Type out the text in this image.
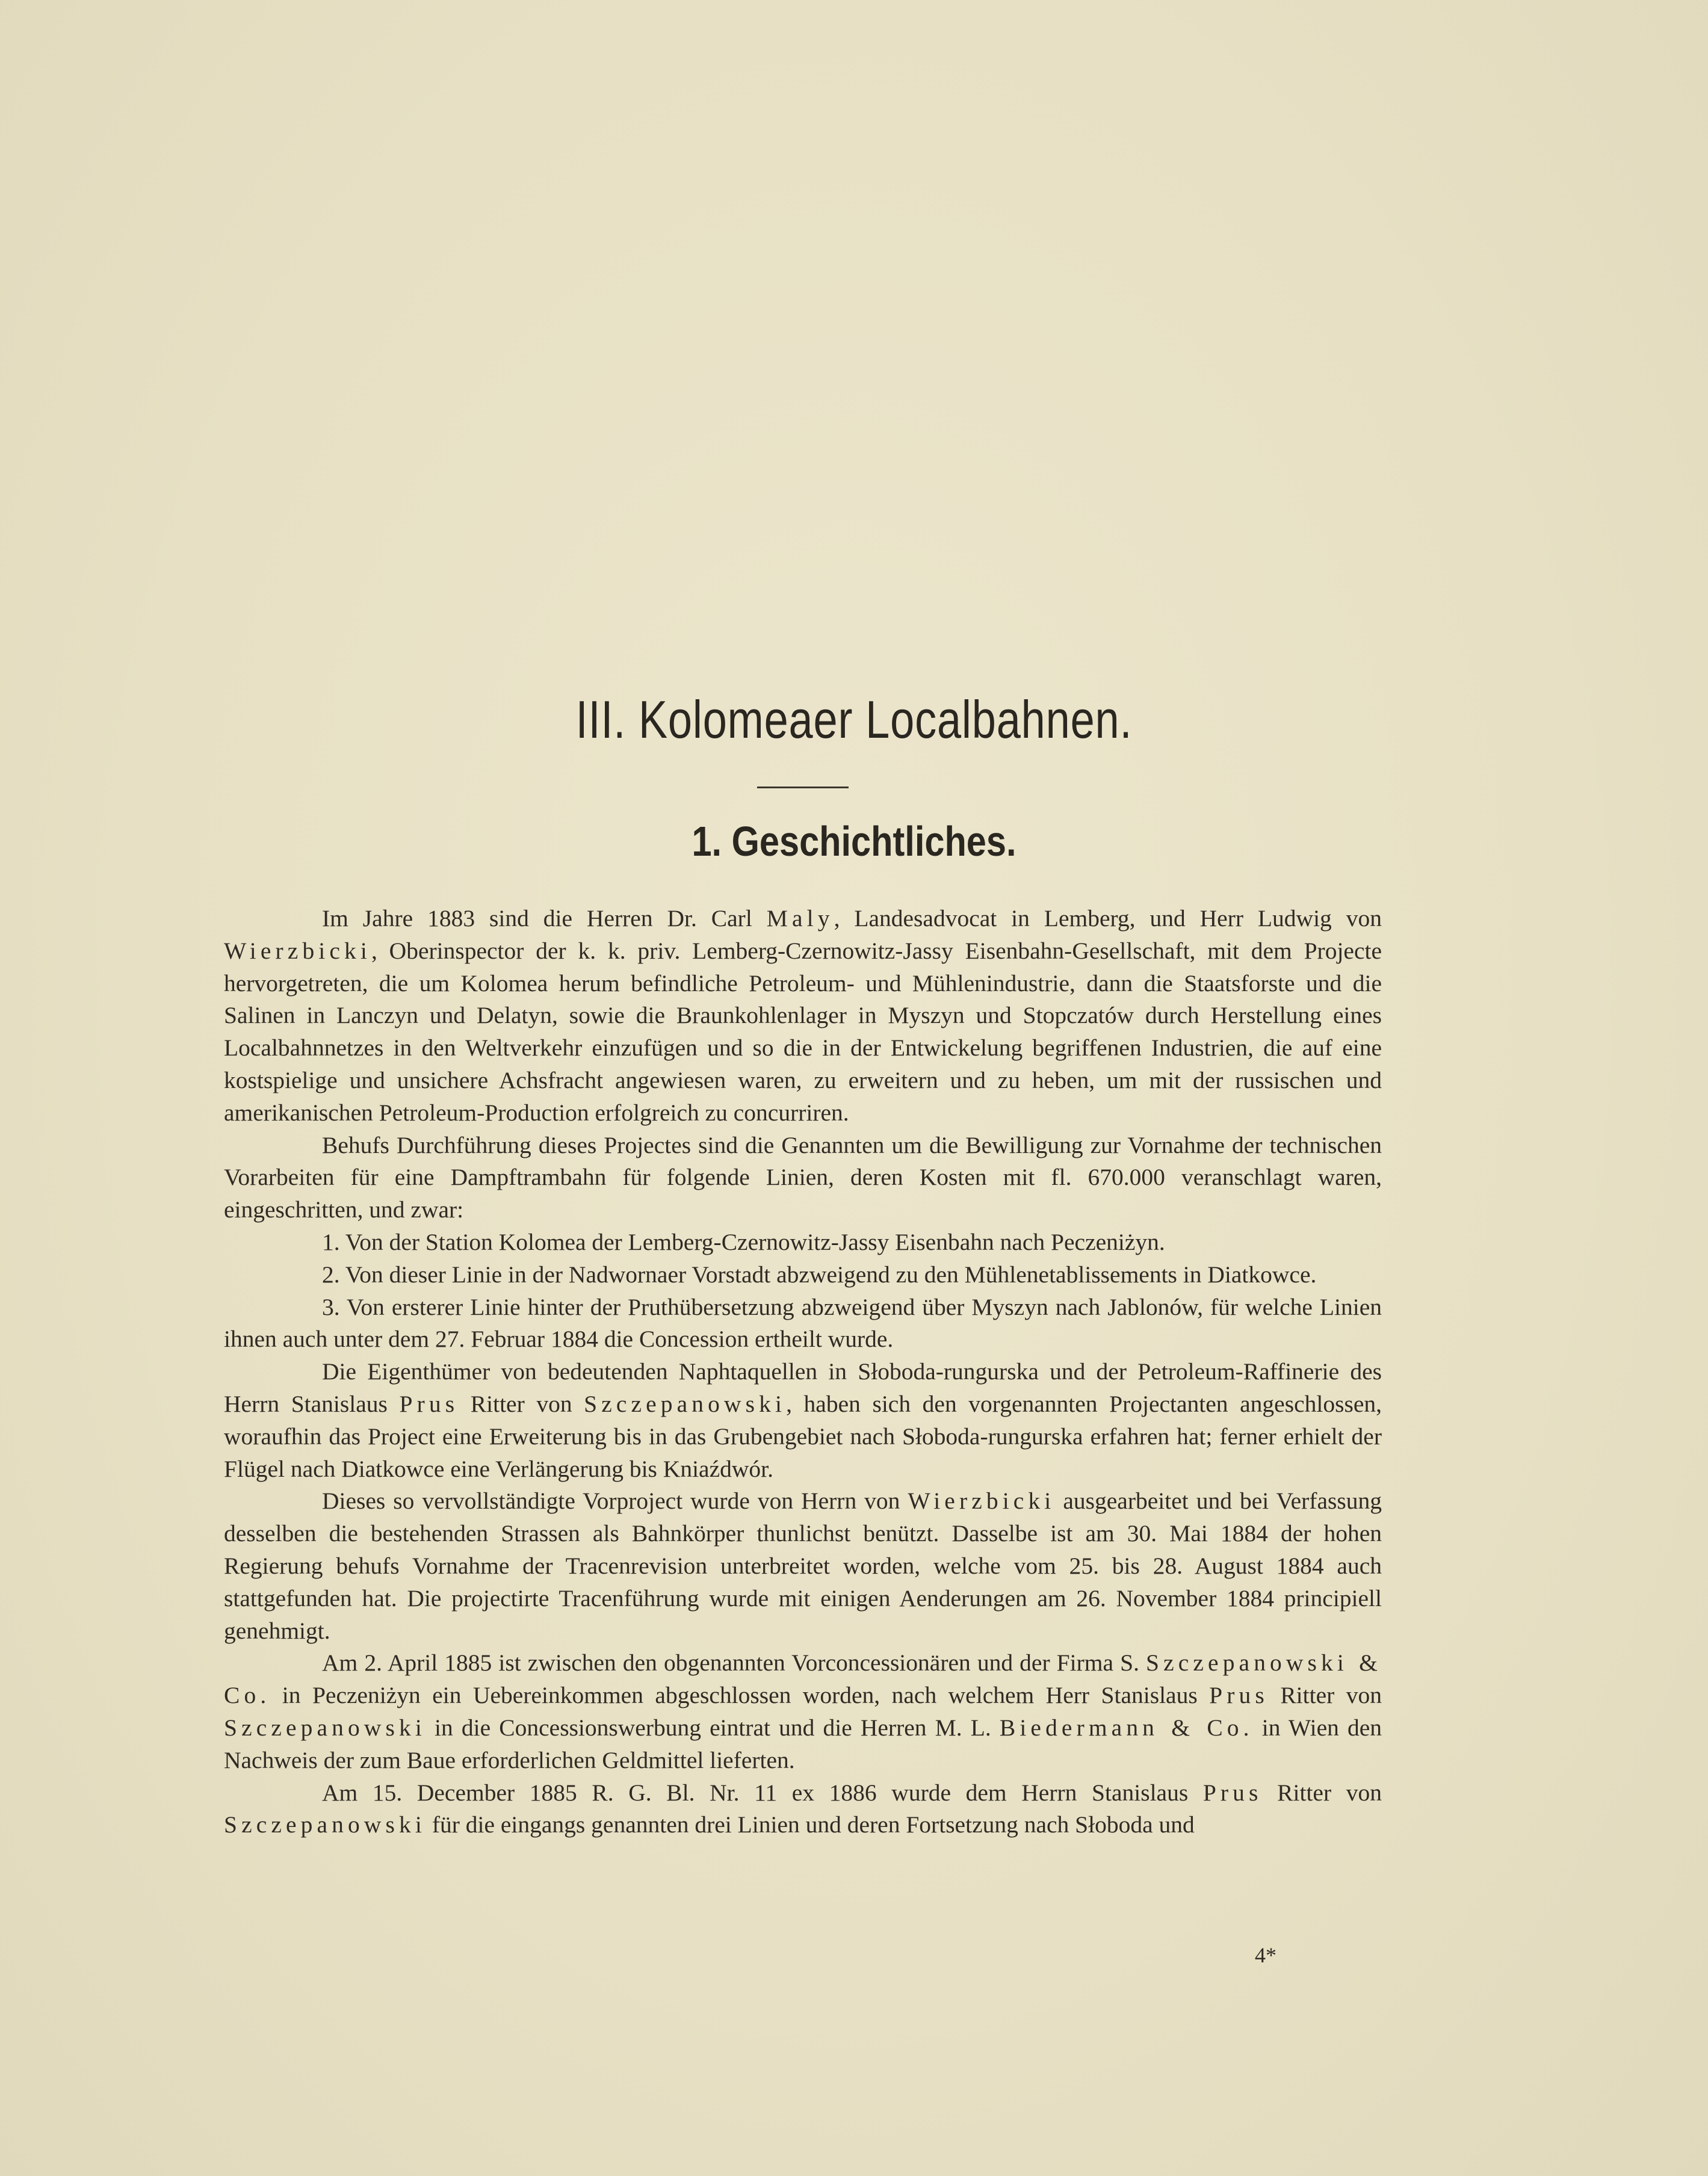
III. Kolomeaer Localbahnen.
1. Geschichtliches.

Im Jahre 1883 sind die Herren Dr. Carl Maly, Landesadvocat in Lemberg, und Herr Ludwig von Wierzbicki, Oberinspector der k. k. priv. Lemberg-Czernowitz-Jassy Eisenbahn-Gesellschaft, mit dem Projecte hervorgetreten, die um Kolomea herum befindliche Petroleum- und Mühlenindustrie, dann die Staatsforste und die Salinen in Lanczyn und Delatyn, sowie die Braunkohlenlager in Myszyn und Stopczatów durch Herstellung eines Localbahnnetzes in den Weltverkehr einzufügen und so die in der Entwickelung begriffenen Industrien, die auf eine kostspielige und unsichere Achsfracht angewiesen waren, zu erweitern und zu heben, um mit der russischen und amerikanischen Petroleum-Production erfolgreich zu concurriren.

Behufs Durchführung dieses Projectes sind die Genannten um die Bewilligung zur Vornahme der technischen Vorarbeiten für eine Dampftrambahn für folgende Linien, deren Kosten mit fl. 670.000 veranschlagt waren, eingeschritten, und zwar:

1. Von der Station Kolomea der Lemberg-Czernowitz-Jassy Eisenbahn nach Peczeniżyn.

2. Von dieser Linie in der Nadwornaer Vorstadt abzweigend zu den Mühlenetablissements in Diatkowce.

3. Von ersterer Linie hinter der Pruthübersetzung abzweigend über Myszyn nach Jablonów, für welche Linien ihnen auch unter dem 27. Februar 1884 die Concession ertheilt wurde.

Die Eigenthümer von bedeutenden Naphtaquellen in Słoboda-rungurska und der Petroleum-Raffinerie des Herrn Stanislaus Prus Ritter von Szczepanowski, haben sich den vorgenannten Projectanten angeschlossen, woraufhin das Project eine Erweiterung bis in das Grubengebiet nach Słoboda-rungurska erfahren hat; ferner erhielt der Flügel nach Diatkowce eine Verlängerung bis Kniaźdwór.

Dieses so vervollständigte Vorproject wurde von Herrn von Wierzbicki ausgearbeitet und bei Verfassung desselben die bestehenden Strassen als Bahnkörper thunlichst benützt. Dasselbe ist am 30. Mai 1884 der hohen Regierung behufs Vornahme der Tracenrevision unterbreitet worden, welche vom 25. bis 28. August 1884 auch stattgefunden hat. Die projectirte Tracenführung wurde mit einigen Aenderungen am 26. November 1884 principiell genehmigt.

Am 2. April 1885 ist zwischen den obgenannten Vorconcessionären und der Firma S. Szczepanowski & Co. in Peczeniżyn ein Uebereinkommen abgeschlossen worden, nach welchem Herr Stanislaus Prus Ritter von Szczepanowski in die Concessionswerbung eintrat und die Herren M. L. Biedermann & Co. in Wien den Nachweis der zum Baue erforderlichen Geldmittel lieferten.

Am 15. December 1885 R. G. Bl. Nr. 11 ex 1886 wurde dem Herrn Stanislaus Prus Ritter von Szczepanowski für die eingangs genannten drei Linien und deren Fortsetzung nach Słoboda und

4*
